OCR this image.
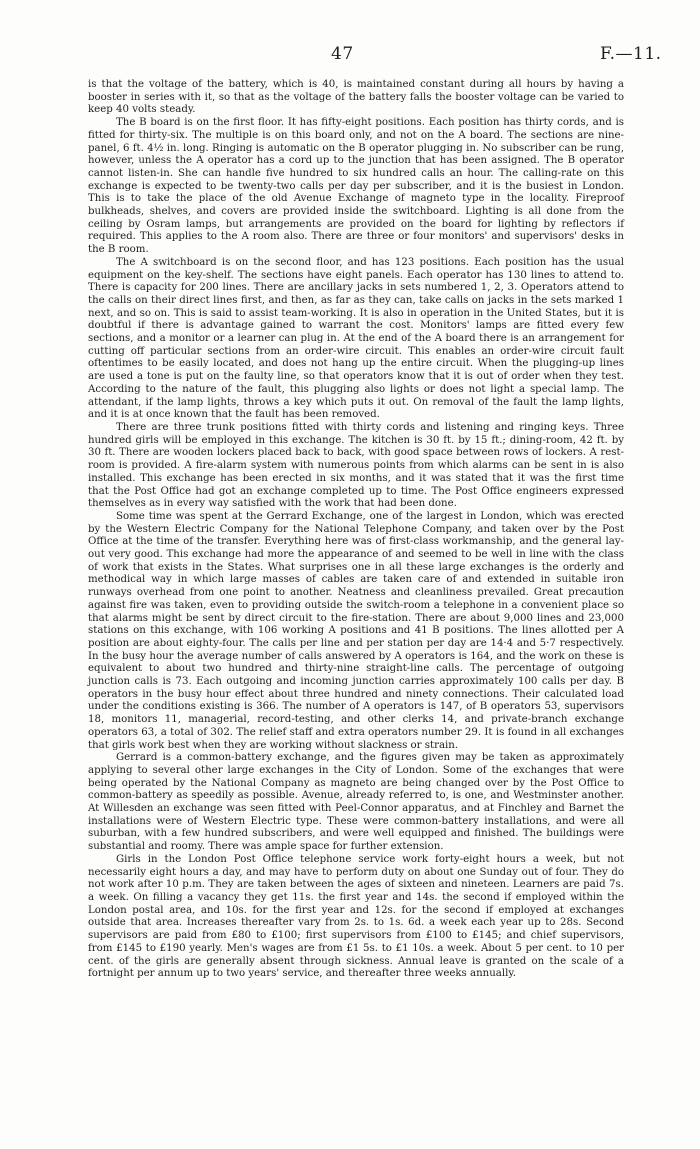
47	F.—11.

is that the voltage of the battery, which is 40, is maintained constant during all hours by having a booster in series with it, so that as the voltage of the battery falls the booster voltage can be varied to keep 40 volts steady.

The B board is on the first floor. It has fifty-eight positions. Each position has thirty cords, and is fitted for thirty-six. The multiple is on this board only, and not on the A board. The sections are nine-panel, 6 ft. 4½ in. long. Ringing is automatic on the B operator plugging in. No subscriber can be rung, however, unless the A operator has a cord up to the junction that has been assigned. The B operator cannot listen-in. She can handle five hundred to six hundred calls an hour. The calling-rate on this exchange is expected to be twenty-two calls per day per subscriber, and it is the busiest in London. This is to take the place of the old Avenue Exchange of magneto type in the locality. Fireproof bulkheads, shelves, and covers are provided inside the switchboard. Lighting is all done from the ceiling by Osram lamps, but arrangements are provided on the board for lighting by reflectors if required. This applies to the A room also. There are three or four monitors' and supervisors' desks in the B room.

The A switchboard is on the second floor, and has 123 positions. Each position has the usual equipment on the key-shelf. The sections have eight panels. Each operator has 130 lines to attend to. There is capacity for 200 lines. There are ancillary jacks in sets numbered 1, 2, 3. Operators attend to the calls on their direct lines first, and then, as far as they can, take calls on jacks in the sets marked 1 next, and so on. This is said to assist team-working. It is also in operation in the United States, but it is doubtful if there is advantage gained to warrant the cost. Monitors' lamps are fitted every few sections, and a monitor or a learner can plug in. At the end of the A board there is an arrangement for cutting off particular sections from an order-wire circuit. This enables an order-wire circuit fault oftentimes to be easily located, and does not hang up the entire circuit. When the plugging-up lines are used a tone is put on the faulty line, so that operators know that it is out of order when they test. According to the nature of the fault, this plugging also lights or does not light a special lamp. The attendant, if the lamp lights, throws a key which puts it out. On removal of the fault the lamp lights, and it is at once known that the fault has been removed.

There are three trunk positions fitted with thirty cords and listening and ringing keys. Three hundred girls will be employed in this exchange. The kitchen is 30 ft. by 15 ft.; dining-room, 42 ft. by 30 ft. There are wooden lockers placed back to back, with good space between rows of lockers. A rest-room is provided. A fire-alarm system with numerous points from which alarms can be sent in is also installed. This exchange has been erected in six months, and it was stated that it was the first time that the Post Office had got an exchange completed up to time. The Post Office engineers expressed themselves as in every way satisfied with the work that had been done.

Some time was spent at the Gerrard Exchange, one of the largest in London, which was erected by the Western Electric Company for the National Telephone Company, and taken over by the Post Office at the time of the transfer. Everything here was of first-class workmanship, and the general lay-out very good. This exchange had more the appearance of and seemed to be well in line with the class of work that exists in the States. What surprises one in all these large exchanges is the orderly and methodical way in which large masses of cables are taken care of and extended in suitable iron runways overhead from one point to another. Neatness and cleanliness prevailed. Great precaution against fire was taken, even to providing outside the switch-room a telephone in a convenient place so that alarms might be sent by direct circuit to the fire-station. There are about 9,000 lines and 23,000 stations on this exchange, with 106 working A positions and 41 B positions. The lines allotted per A position are about eighty-four. The calls per line and per station per day are 14·4 and 5·7 respectively. In the busy hour the average number of calls answered by A operators is 164, and the work on these is equivalent to about two hundred and thirty-nine straight-line calls. The percentage of outgoing junction calls is 73. Each outgoing and incoming junction carries approximately 100 calls per day. B operators in the busy hour effect about three hundred and ninety connections. Their calculated load under the conditions existing is 366. The number of A operators is 147, of B operators 53, supervisors 18, monitors 11, managerial, record-testing, and other clerks 14, and private-branch exchange operators 63, a total of 302. The relief staff and extra operators number 29. It is found in all exchanges that girls work best when they are working without slackness or strain.

Gerrard is a common-battery exchange, and the figures given may be taken as approximately applying to several other large exchanges in the City of London. Some of the exchanges that were being operated by the National Company as magneto are being changed over by the Post Office to common-battery as speedily as possible. Avenue, already referred to, is one, and Westminster another. At Willesden an exchange was seen fitted with Peel-Connor apparatus, and at Finchley and Barnet the installations were of Western Electric type. These were common-battery installations, and were all suburban, with a few hundred subscribers, and were well equipped and finished. The buildings were substantial and roomy. There was ample space for further extension.

Girls in the London Post Office telephone service work forty-eight hours a week, but not necessarily eight hours a day, and may have to perform duty on about one Sunday out of four. They do not work after 10 p.m. They are taken between the ages of sixteen and nineteen. Learners are paid 7s. a week. On filling a vacancy they get 11s. the first year and 14s. the second if employed within the London postal area, and 10s. for the first year and 12s. for the second if employed at exchanges outside that area. Increases thereafter vary from 2s. to 1s. 6d. a week each year up to 28s. Second supervisors are paid from £80 to £100; first supervisors from £100 to £145; and chief supervisors, from £145 to £190 yearly. Men's wages are from £1 5s. to £1 10s. a week. About 5 per cent. to 10 per cent. of the girls are generally absent through sickness. Annual leave is granted on the scale of a fortnight per annum up to two years' service, and thereafter three weeks annually.
